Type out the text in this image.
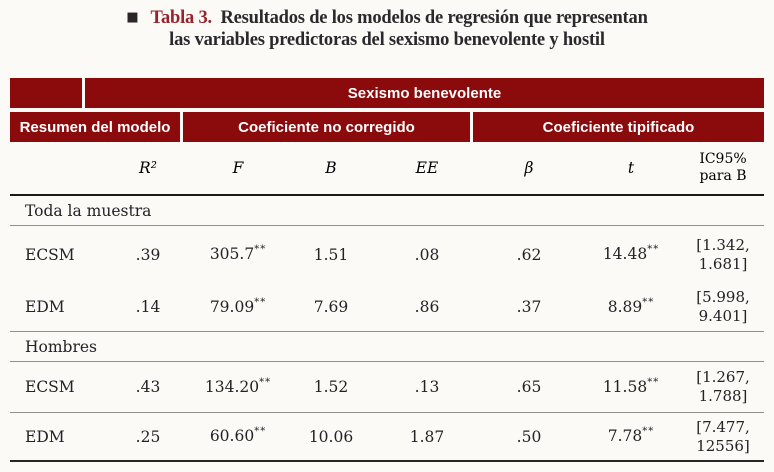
■ Tabla 3. Resultados de los modelos de regresión que representan
las variables predictoras del sexismo benevolente y hostil
Sexismo benevolente
Resumen del modelo	Coeficiente no corregido	Coeficiente tipificado
R²	F	B	EE	β	t	IC95%
para B
Toda la muestra
ECSM	.39	305.7**	1.51	.08	.62	14.48**	[1.342,
1.681]
EDM	.14	79.09**	7.69	.86	.37	8.89**	[5.998,
9.401]
Hombres
ECSM	.43	134.20**	1.52	.13	.65	11.58**	[1.267,
1.788]
EDM	.25	60.60**	10.06	1.87	.50	7.78**	[7.477,
12556]
